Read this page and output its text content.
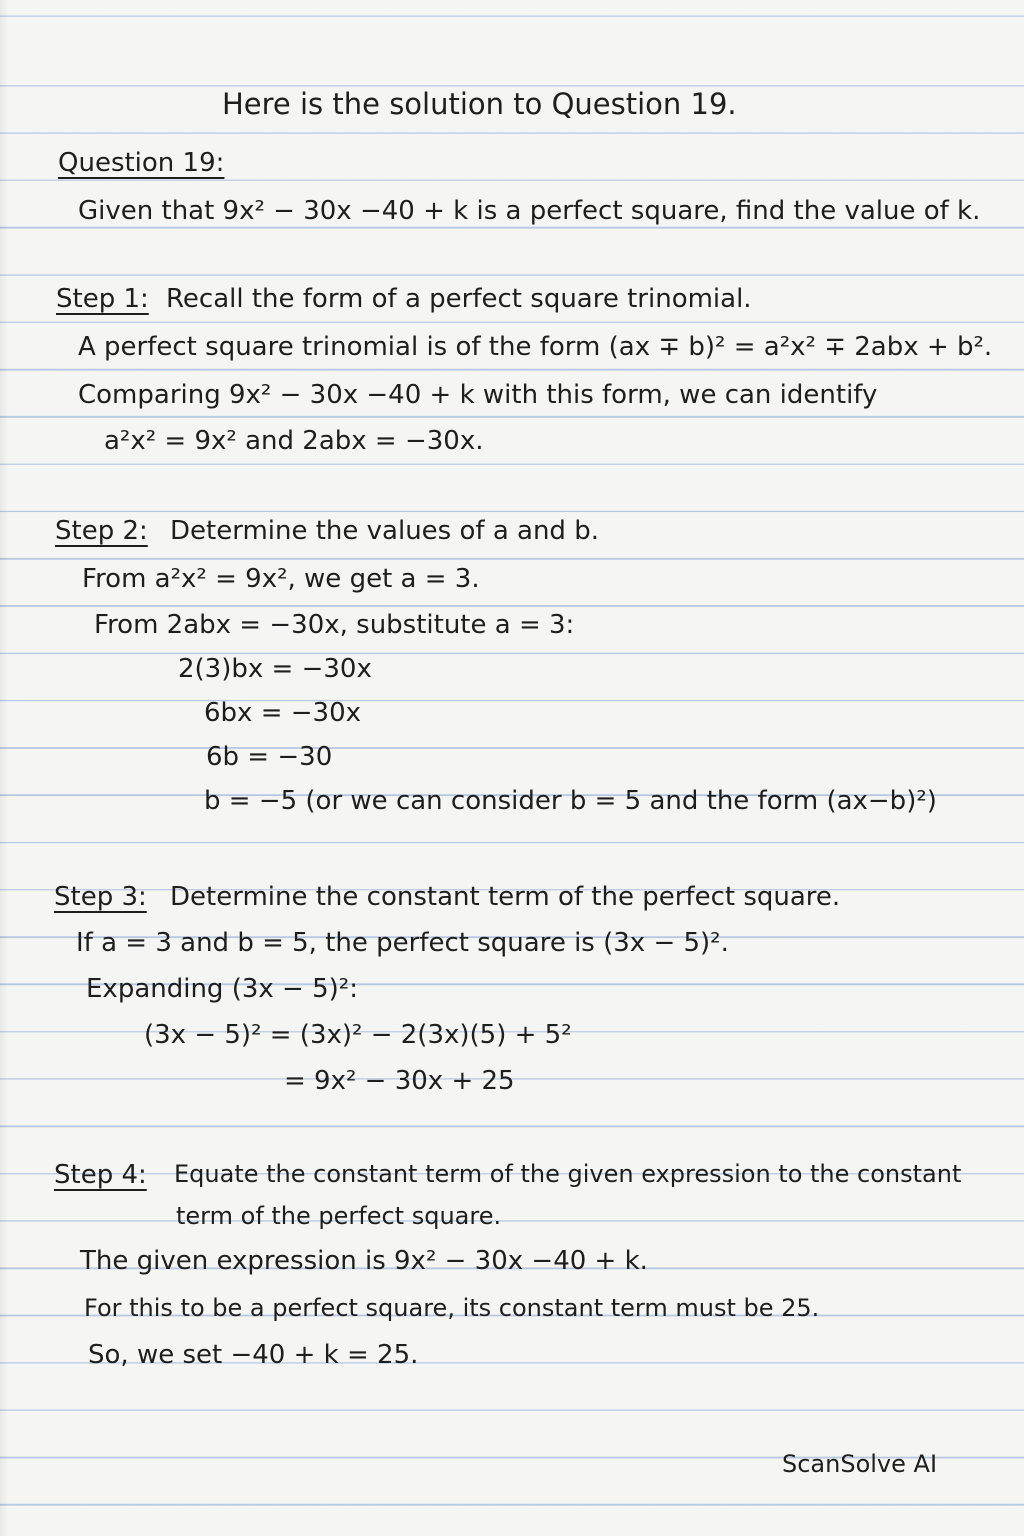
Here is the solution to Question 19.
Question 19:
Given that 9x² − 30x −40 + k is a perfect square, find the value of k.
Step 1: Recall the form of a perfect square trinomial.
A perfect square trinomial is of the form (ax ∓ b)² = a²x² ∓ 2abx + b².
Comparing 9x² − 30x −40 + k with this form, we can identify
a²x² = 9x² and 2abx = −30x.
Step 2: Determine the values of a and b.
From a²x² = 9x², we get a = 3.
From 2abx = −30x, substitute a = 3:
2(3)bx = −30x
6bx = −30x
6b = −30
b = −5 (or we can consider b = 5 and the form (ax−b)²)
Step 3: Determine the constant term of the perfect square.
If a = 3 and b = 5, the perfect square is (3x − 5)².
Expanding (3x − 5)²:
(3x − 5)² = (3x)² − 2(3x)(5) + 5²
= 9x² − 30x + 25
Step 4: Equate the constant term of the given expression to the constant
term of the perfect square.
The given expression is 9x² − 30x −40 + k.
For this to be a perfect square, its constant term must be 25.
So, we set −40 + k = 25.
ScanSolve AI
